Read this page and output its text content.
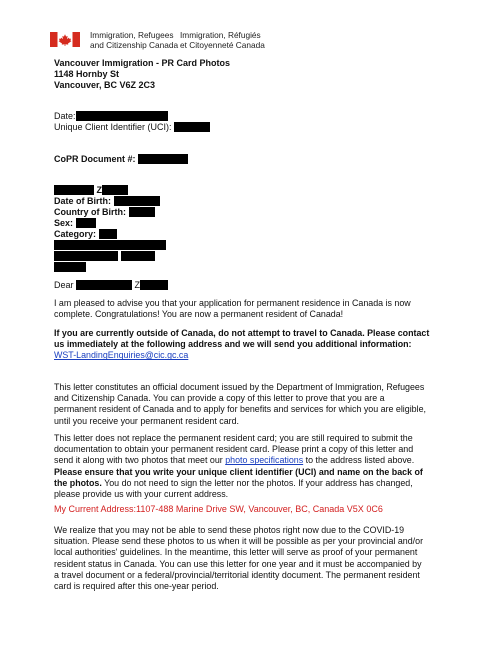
Immigration, Refugees
and Citizenship Canada
Immigration, Réfugiés
et Citoyenneté Canada
Vancouver Immigration - PR Card Photos
1148 Hornby St
Vancouver, BC V6Z 2C3
Date:
Unique Client Identifier (UCI):
CoPR Document #:
Z
Date of Birth:
Country of Birth:
Sex:
Category:

Dear	Z

I am pleased to advise you that your application for permanent residence in Canada is now

complete. Congratulations! You are now a permanent resident of Canada!

If you are currently outside of Canada, do not attempt to travel to Canada. Please contact

us immediately at the following address and we will send you additional information:

WST-LandingEnquiries@cic.gc.ca

This letter constitutes an official document issued by the Department of Immigration, Refugees

and Citizenship Canada. You can provide a copy of this letter to prove that you are a

permanent resident of Canada and to apply for benefits and services for which you are eligible,

until you receive your permanent resident card.

This letter does not replace the permanent resident card; you are still required to submit the

documentation to obtain your permanent resident card. Please print a copy of this letter and

send it along with two photos that meet our photo specifications to the address listed above.

Please ensure that you write your unique client identifier (UCI) and name on the back of

the photos. You do not need to sign the letter nor the photos. If your address has changed,

please provide us with your current address.

My Current Address:1107-488 Marine Drive SW, Vancouver, BC, Canada V5X 0C6

We realize that you may not be able to send these photos right now due to the COVID-19

situation. Please send these photos to us when it will be possible as per your provincial and/or

local authorities' guidelines. In the meantime, this letter will serve as proof of your permanent

resident status in Canada. You can use this letter for one year and it must be accompanied by

a travel document or a federal/provincial/territorial identity document. The permanent resident

card is required after this one-year period.
